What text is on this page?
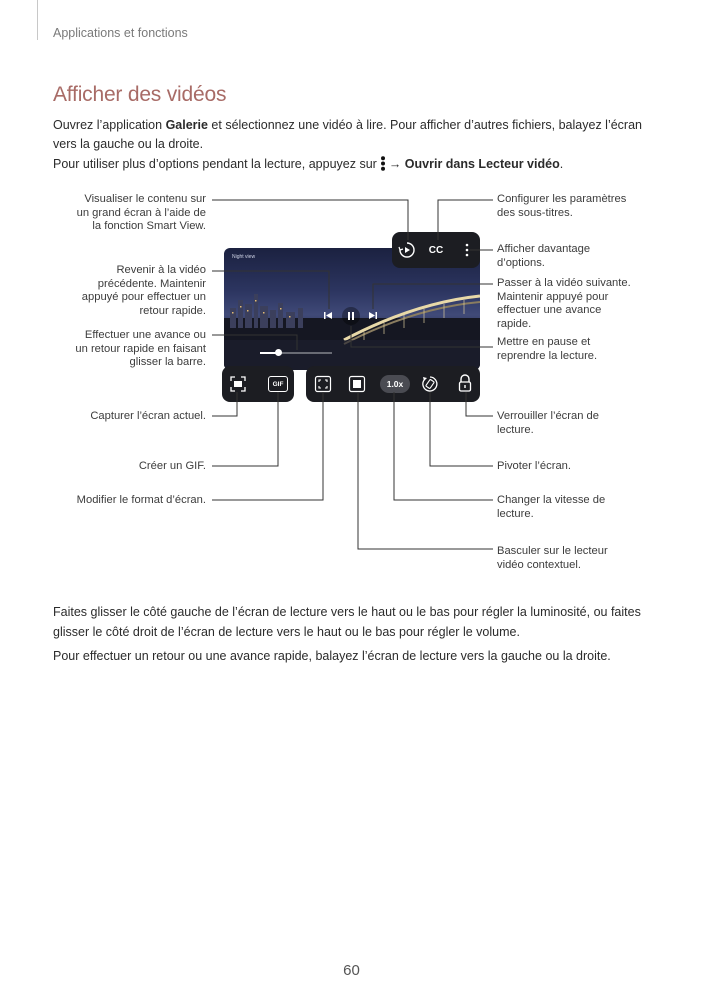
Applications et fonctions
Afficher des vidéos

Ouvrez l’application Galerie et sélectionnez une vidéo à lire. Pour afficher d’autres fichiers, balayez l’écran vers la gauche ou la droite.

Pour utiliser plus d’options pendant la lecture, appuyez sur → Ouvrir dans Lecteur vidéo.

Night view
CC
GIF	1.0x
Visualiser le contenu sur
un grand écran à l’aide de
la fonction Smart View.
Revenir à la vidéo
précédente. Maintenir
appuyé pour effectuer un
retour rapide.
Effectuer une avance ou
un retour rapide en faisant
glisser la barre.
Capturer l’écran actuel.
Créer un GIF.
Modifier le format d’écran.
Configurer les paramètres
des sous-titres.
Afficher davantage
d’options.
Passer à la vidéo suivante.
Maintenir appuyé pour
effectuer une avance
rapide.
Mettre en pause et
reprendre la lecture.
Verrouiller l’écran de
lecture.
Pivoter l’écran.
Changer la vitesse de
lecture.
Basculer sur le lecteur
vidéo contextuel.

Faites glisser le côté gauche de l’écran de lecture vers le haut ou le bas pour régler la luminosité, ou faites glisser le côté droit de l’écran de lecture vers le haut ou le bas pour régler le volume.

Pour effectuer un retour ou une avance rapide, balayez l’écran de lecture vers la gauche ou la droite.

60
